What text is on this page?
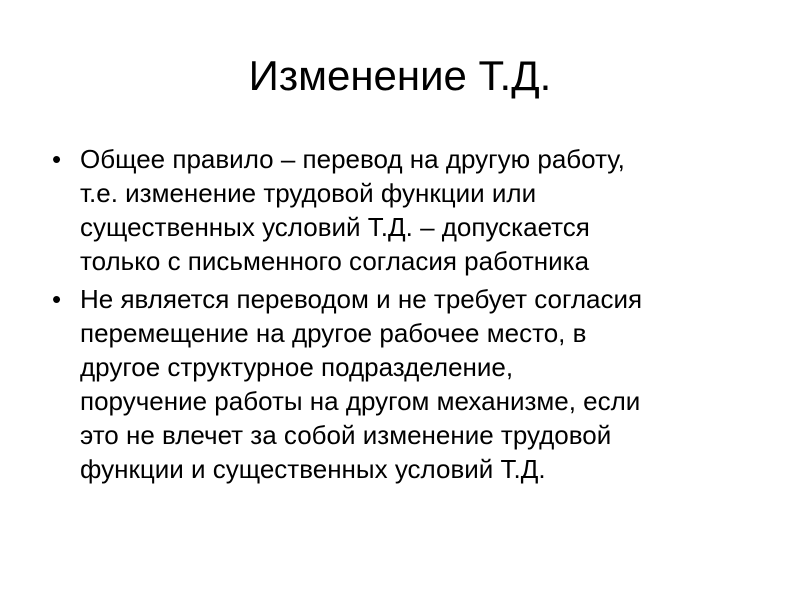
Изменение Т.Д.
• Общее правило – перевод на другую работу,
т.е. изменение трудовой функции или
существенных условий Т.Д. – допускается
только с письменного согласия работника
• Не является переводом и не требует согласия
перемещение на другое рабочее место, в
другое структурное подразделение,
поручение работы на другом механизме, если
это не влечет за собой изменение трудовой
функции и существенных условий Т.Д.
